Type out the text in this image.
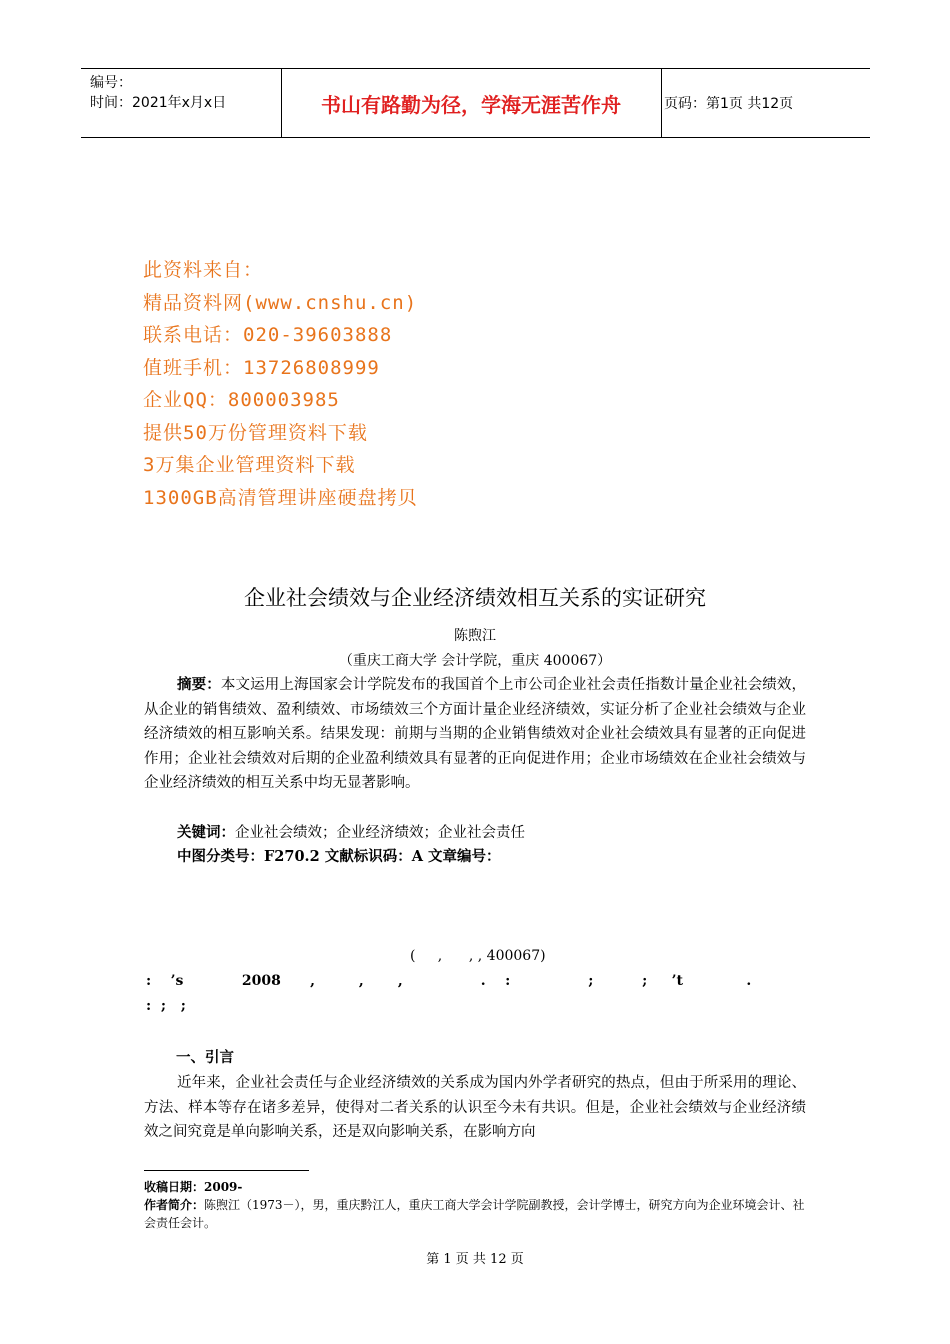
编号：
时间：2021年x月x日	书山有路勤为径，学海无涯苦作舟	页码：第1页 共12页
此资料来自：
精品资料网(www.cnshu.cn)
联系电话：020-39603888
值班手机：13726808999
企业QQ：800003985
提供50万份管理资料下载
3万集企业管理资料下载
1300GB高清管理讲座硬盘拷贝
企业社会绩效与企业经济绩效相互关系的实证研究
陈煦江
（重庆工商大学 会计学院，重庆 400067）
摘要：本文运用上海国家会计学院发布的我国首个上市公司企业社会责任指数计量企业社会绩效，从企业的销售绩效、盈利绩效、市场绩效三个方面计量企业经济绩效，实证分析了企业社会绩效与企业经济绩效的相互影响关系。结果发现：前期与当期的企业销售绩效对企业社会绩效具有显著的正向促进作用；企业社会绩效对后期的企业盈利绩效具有显著的正向促进作用；企业市场绩效在企业社会绩效与企业经济绩效的相互关系中均无显著影响。
关键词：企业社会绩效；企业经济绩效；企业社会责任
中图分类号：F270.2 文献标识码：A 文章编号：
(     ,      , , 400067)
:    ’s            2008      ,         ,       ,                .    :                ;          ;     ’t             .
:  ;   ;
一、引言
近年来，企业社会责任与企业经济绩效的关系成为国内外学者研究的热点，但由于所采用的理论、方法、样本等存在诸多差异，使得对二者关系的认识至今未有共识。但是，企业社会绩效与企业经济绩效之间究竟是单向影响关系，还是双向影响关系，在影响方向
收稿日期：2009-
作者简介：陈煦江（1973－），男，重庆黔江人，重庆工商大学会计学院副教授，会计学博士，研究方向为企业环境会计、社会责任会计。
第 1 页 共 12 页
